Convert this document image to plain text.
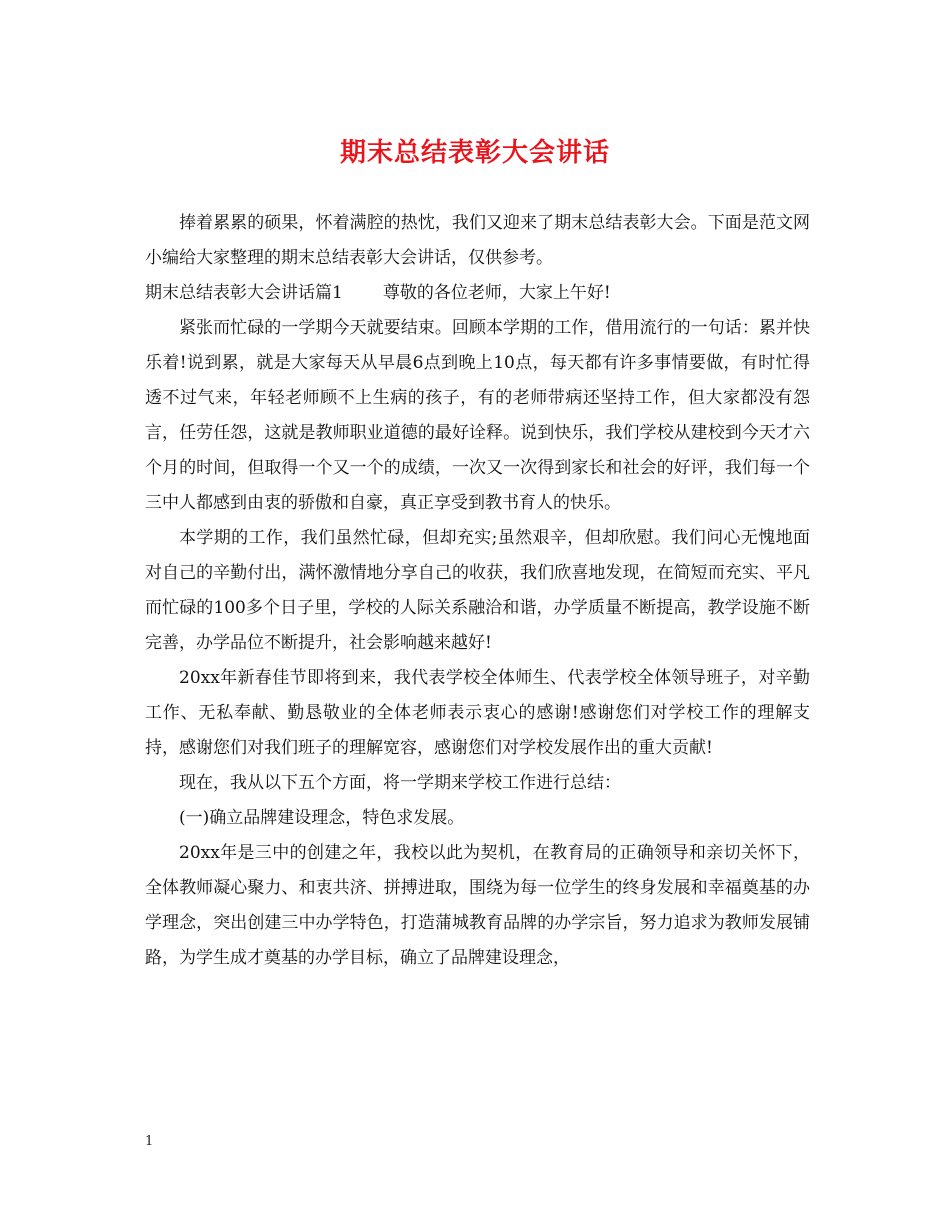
期末总结表彰大会讲话

捧着累累的硕果，怀着满腔的热忱，我们又迎来了期末总结表彰大会。下面是范文网小编给大家整理的期末总结表彰大会讲话，仅供参考。

期末总结表彰大会讲话篇1 尊敬的各位老师，大家上午好!

紧张而忙碌的一学期今天就要结束。回顾本学期的工作，借用流行的一句话：累并快乐着!说到累，就是大家每天从早晨6点到晚上10点，每天都有许多事情要做，有时忙得透不过气来，年轻老师顾不上生病的孩子，有的老师带病还坚持工作，但大家都没有怨言，任劳任怨，这就是教师职业道德的最好诠释。说到快乐，我们学校从建校到今天才六个月的时间，但取得一个又一个的成绩，一次又一次得到家长和社会的好评，我们每一个三中人都感到由衷的骄傲和自豪，真正享受到教书育人的快乐。

本学期的工作，我们虽然忙碌，但却充实;虽然艰辛，但却欣慰。我们问心无愧地面对自己的辛勤付出，满怀激情地分享自己的收获，我们欣喜地发现，在简短而充实、平凡而忙碌的100多个日子里，学校的人际关系融洽和谐，办学质量不断提高，教学设施不断完善，办学品位不断提升，社会影响越来越好!

20xx年新春佳节即将到来，我代表学校全体师生、代表学校全体领导班子，对辛勤工作、无私奉献、勤恳敬业的全体老师表示衷心的感谢!感谢您们对学校工作的理解支持，感谢您们对我们班子的理解宽容，感谢您们对学校发展作出的重大贡献!

现在，我从以下五个方面，将一学期来学校工作进行总结：

(一)确立品牌建设理念，特色求发展。

20xx年是三中的创建之年，我校以此为契机，在教育局的正确领导和亲切关怀下，全体教师凝心聚力、和衷共济、拼搏进取，围绕为每一位学生的终身发展和幸福奠基的办学理念，突出创建三中办学特色，打造蒲城教育品牌的办学宗旨，努力追求为教师发展铺路，为学生成才奠基的办学目标，确立了品牌建设理念，

1
